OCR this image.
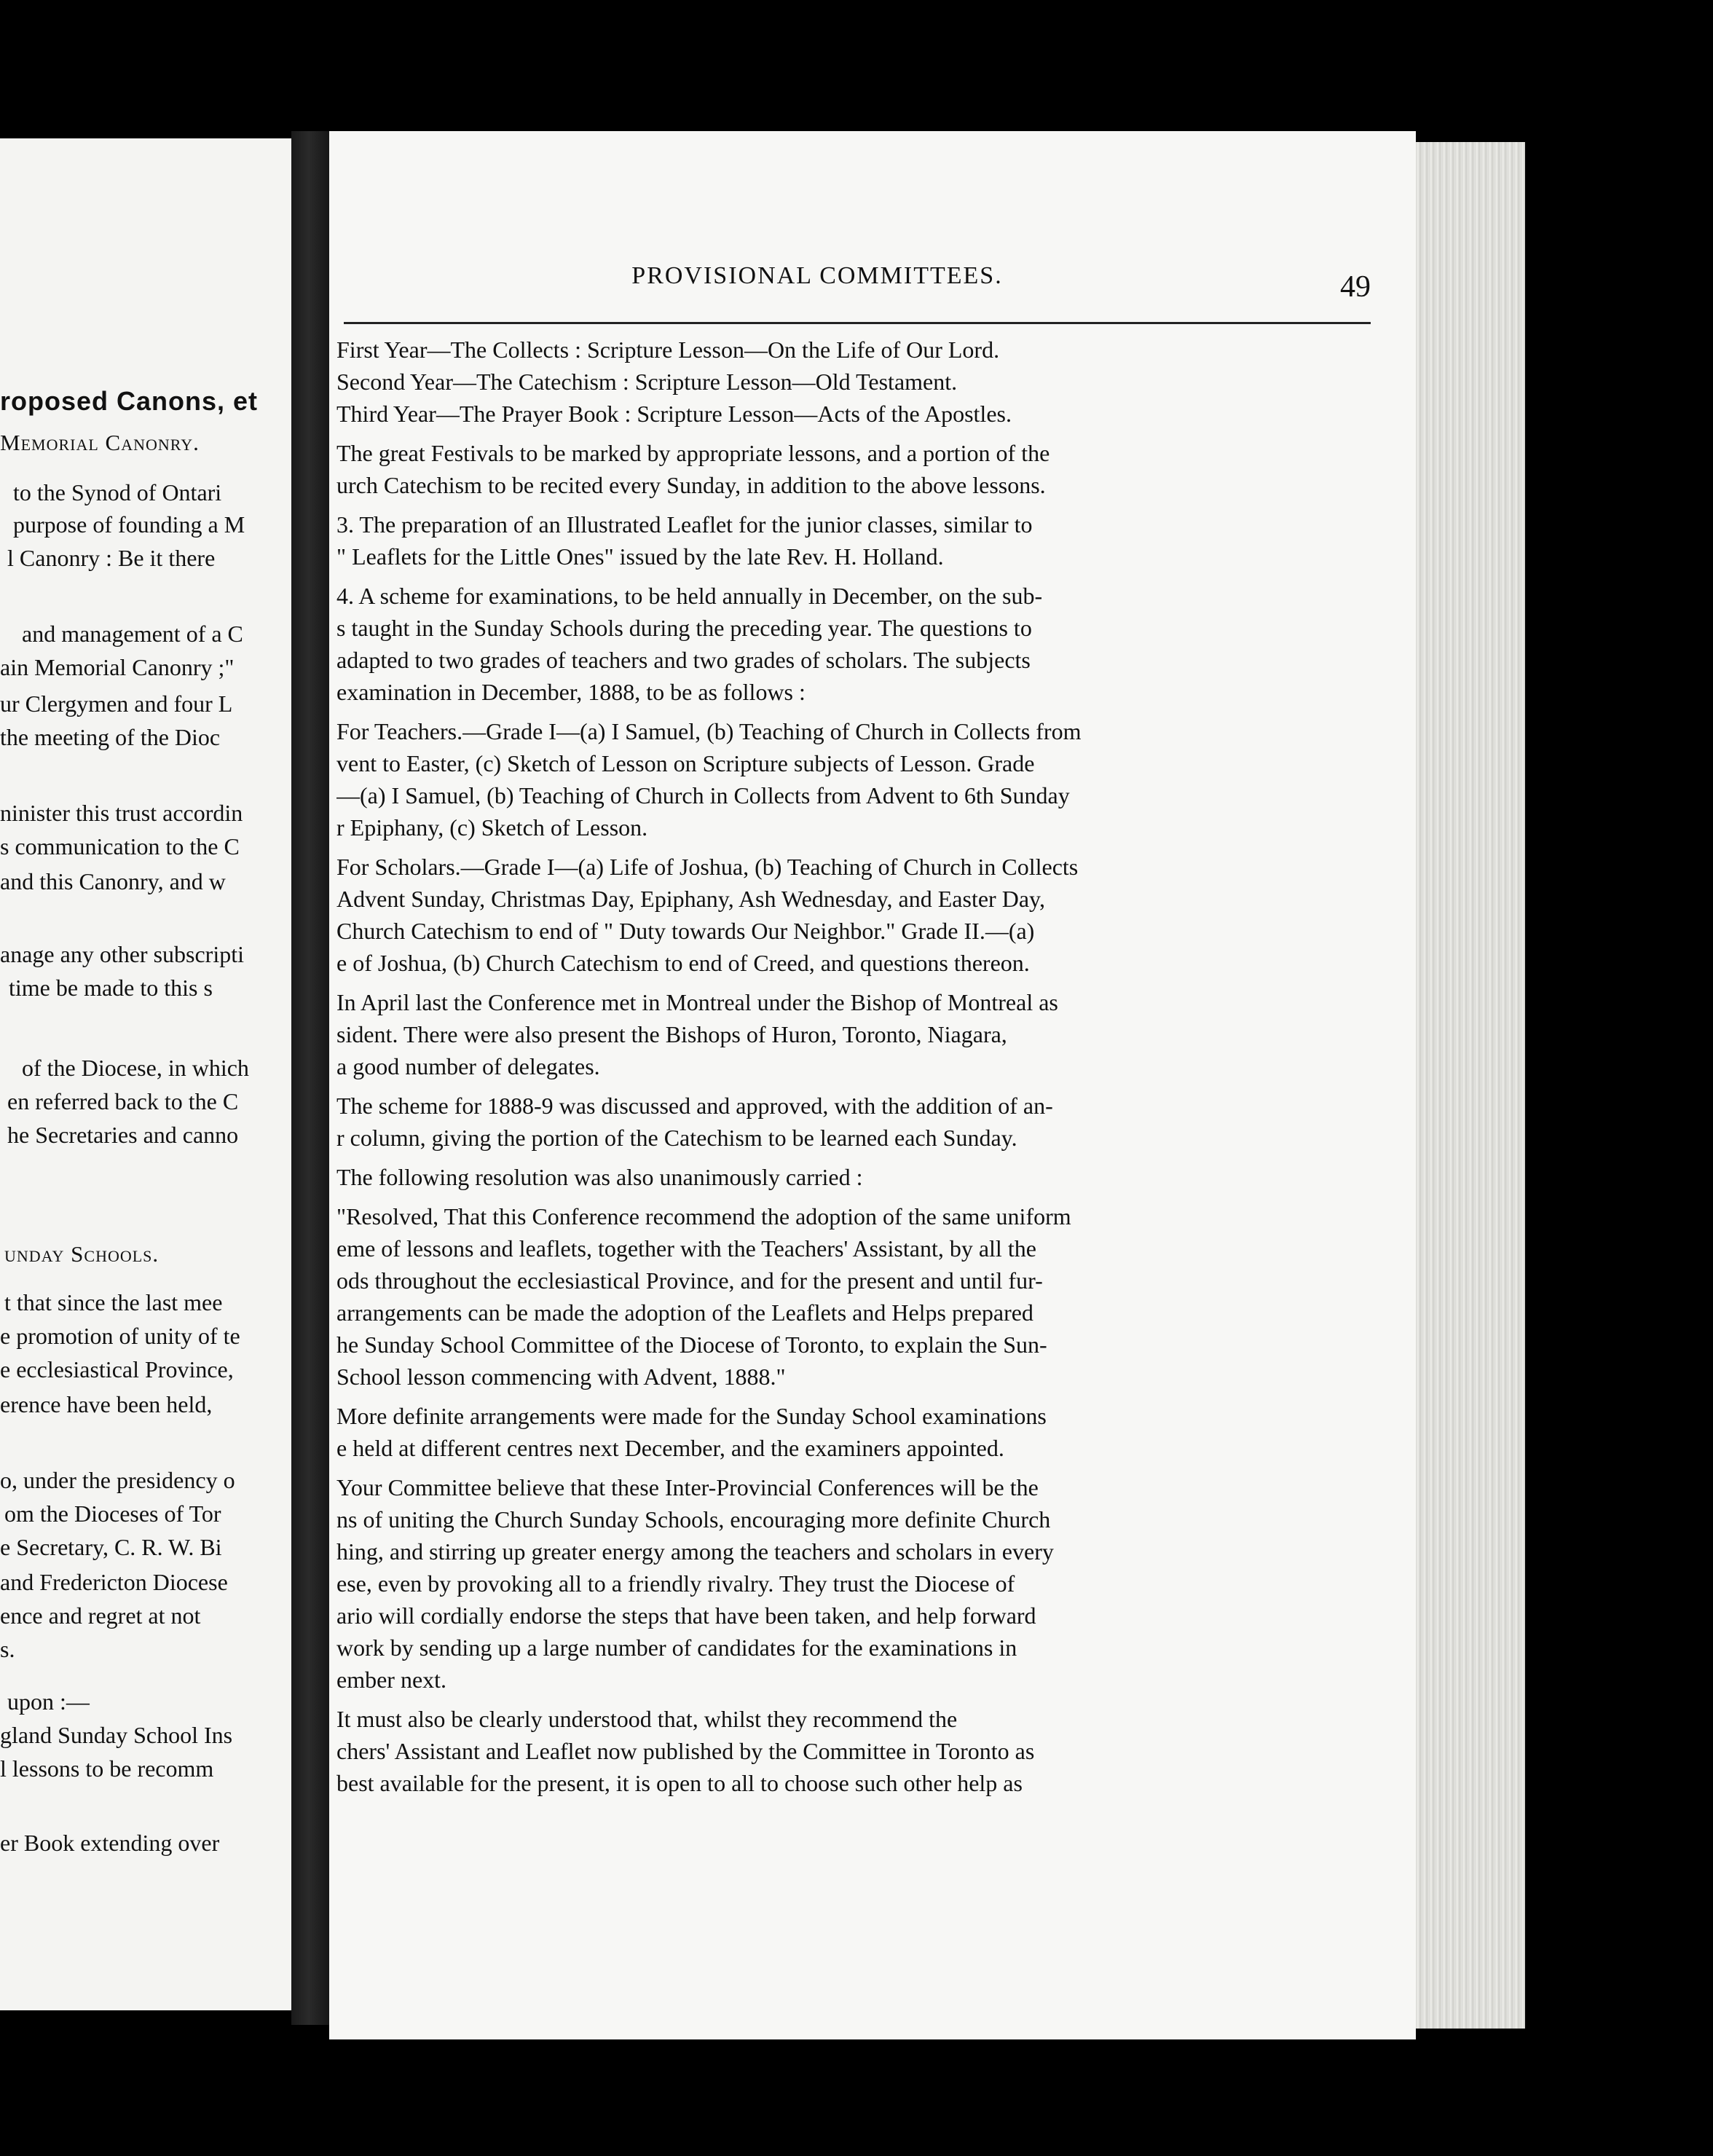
roposed Canons, et
Memorial Canonry.
to the Synod of Ontari
purpose of founding a M
l Canonry : Be it there
and management of a C
ain Memorial Canonry ;"
ur Clergymen and four L
the meeting of the Dioc
ninister this trust accordin
s communication to the C
and this Canonry, and w
anage any other subscripti
time be made to this s
of the Diocese, in which
en referred back to the C
he Secretaries and canno
unday Schools.
t that since the last mee
e promotion of unity of te
e ecclesiastical Province,
erence have been held,
o, under the presidency o
om the Dioceses of Tor
e Secretary, C. R. W. Bi
and Fredericton Diocese
ence and regret at not
s.
upon :—
gland Sunday School Ins
l lessons to be recomm
er Book extending over
PROVISIONAL COMMITTEES.	49
First Year—The Collects : Scripture Lesson—On the Life of Our Lord.
Second Year—The Catechism : Scripture Lesson—Old Testament.
Third Year—The Prayer Book : Scripture Lesson—Acts of the Apostles.
The great Festivals to be marked by appropriate lessons, and a portion of the
urch Catechism to be recited every Sunday, in addition to the above lessons.
3. The preparation of an Illustrated Leaflet for the junior classes, similar to
" Leaflets for the Little Ones" issued by the late Rev. H. Holland.
4. A scheme for examinations, to be held annually in December, on the sub-
s taught in the Sunday Schools during the preceding year. The questions to
adapted to two grades of teachers and two grades of scholars. The subjects
examination in December, 1888, to be as follows :
For Teachers.—Grade I—(a) I Samuel, (b) Teaching of Church in Collects from
vent to Easter, (c) Sketch of Lesson on Scripture subjects of Lesson. Grade
—(a) I Samuel, (b) Teaching of Church in Collects from Advent to 6th Sunday
r Epiphany, (c) Sketch of Lesson.
For Scholars.—Grade I—(a) Life of Joshua, (b) Teaching of Church in Collects
Advent Sunday, Christmas Day, Epiphany, Ash Wednesday, and Easter Day,
Church Catechism to end of " Duty towards Our Neighbor." Grade II.—(a)
e of Joshua, (b) Church Catechism to end of Creed, and questions thereon.
In April last the Conference met in Montreal under the Bishop of Montreal as
sident. There were also present the Bishops of Huron, Toronto, Niagara,
a good number of delegates.
The scheme for 1888-9 was discussed and approved, with the addition of an-
r column, giving the portion of the Catechism to be learned each Sunday.
The following resolution was also unanimously carried :
"Resolved, That this Conference recommend the adoption of the same uniform
eme of lessons and leaflets, together with the Teachers' Assistant, by all the
ods throughout the ecclesiastical Province, and for the present and until fur-
arrangements can be made the adoption of the Leaflets and Helps prepared
he Sunday School Committee of the Diocese of Toronto, to explain the Sun-
School lesson commencing with Advent, 1888."
More definite arrangements were made for the Sunday School examinations
e held at different centres next December, and the examiners appointed.
Your Committee believe that these Inter-Provincial Conferences will be the
ns of uniting the Church Sunday Schools, encouraging more definite Church
hing, and stirring up greater energy among the teachers and scholars in every
ese, even by provoking all to a friendly rivalry. They trust the Diocese of
ario will cordially endorse the steps that have been taken, and help forward
work by sending up a large number of candidates for the examinations in
ember next.
It must also be clearly understood that, whilst they recommend the
chers' Assistant and Leaflet now published by the Committee in Toronto as
best available for the present, it is open to all to choose such other help as
